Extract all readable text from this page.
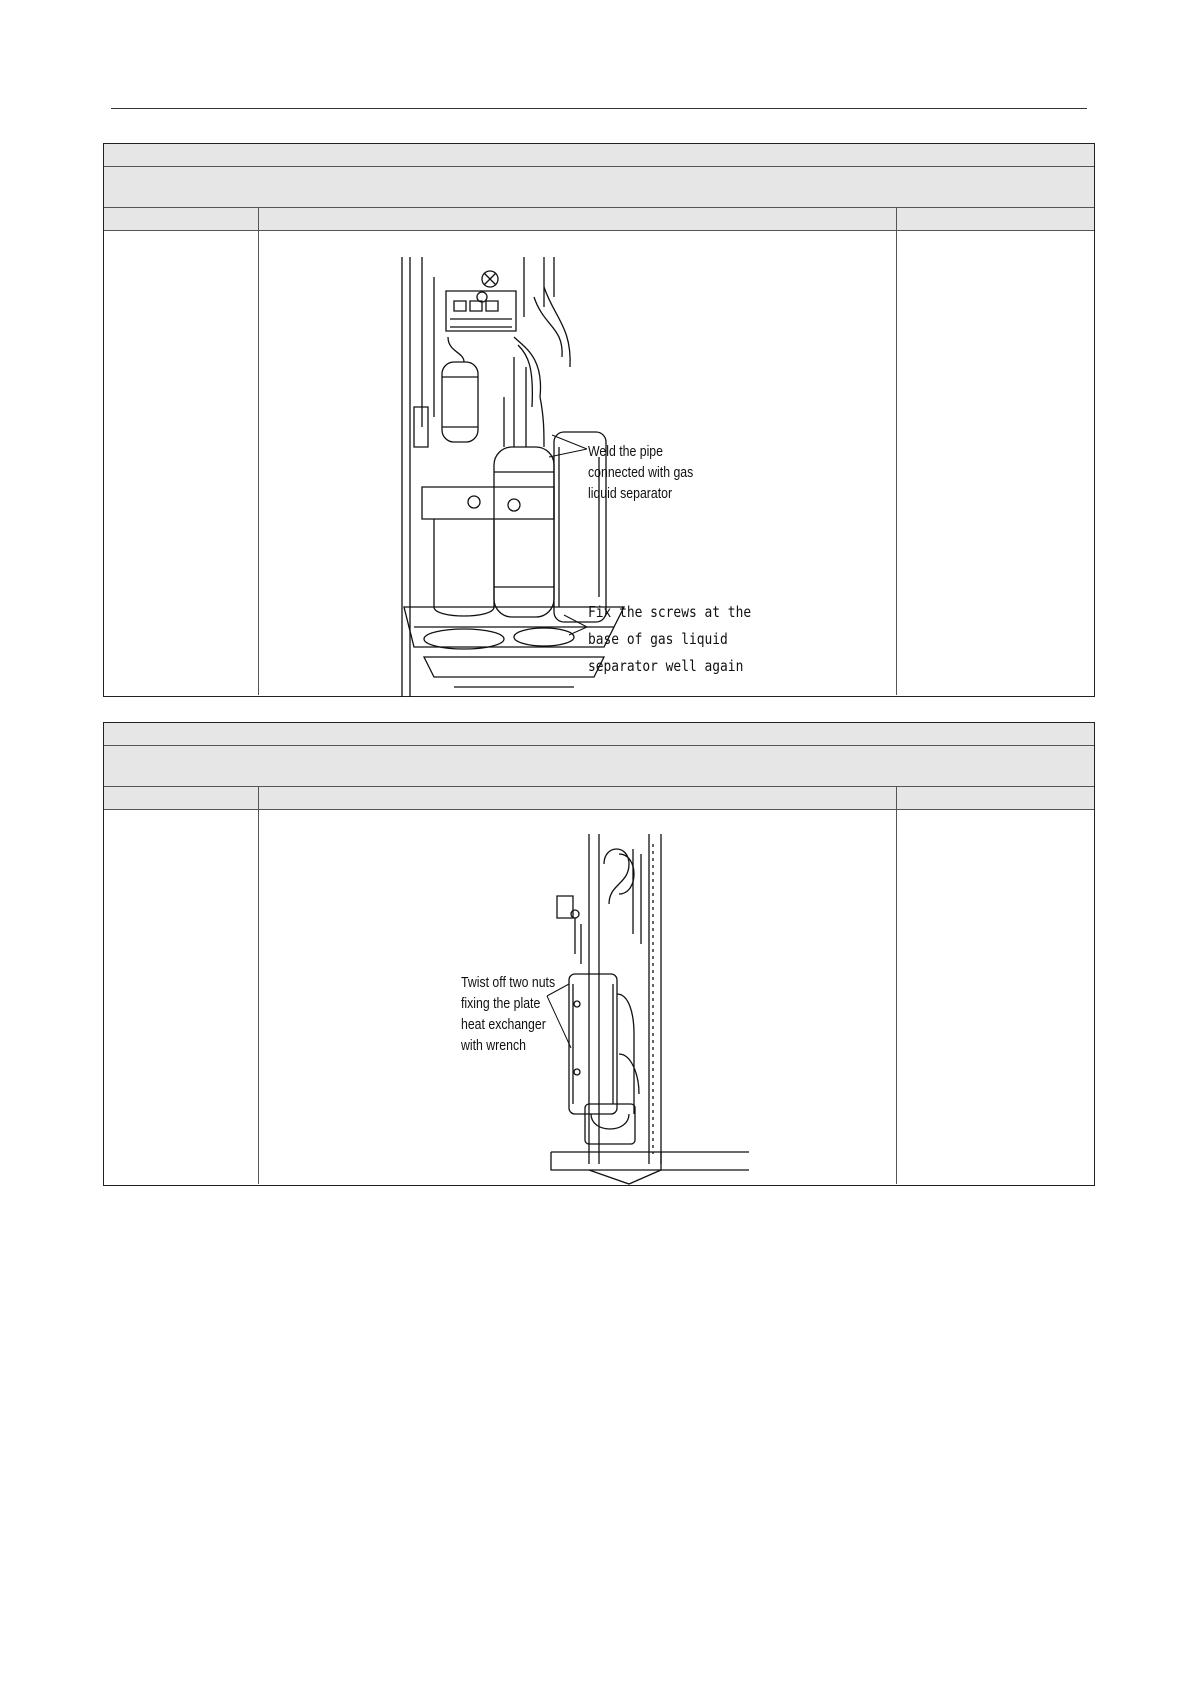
Weld the pipe
connected with gas
liquid separator
Fix the screws at the
base of gas liquid
separator well again
Twist off two nuts
fixing the plate
heat exchanger
with wrench
